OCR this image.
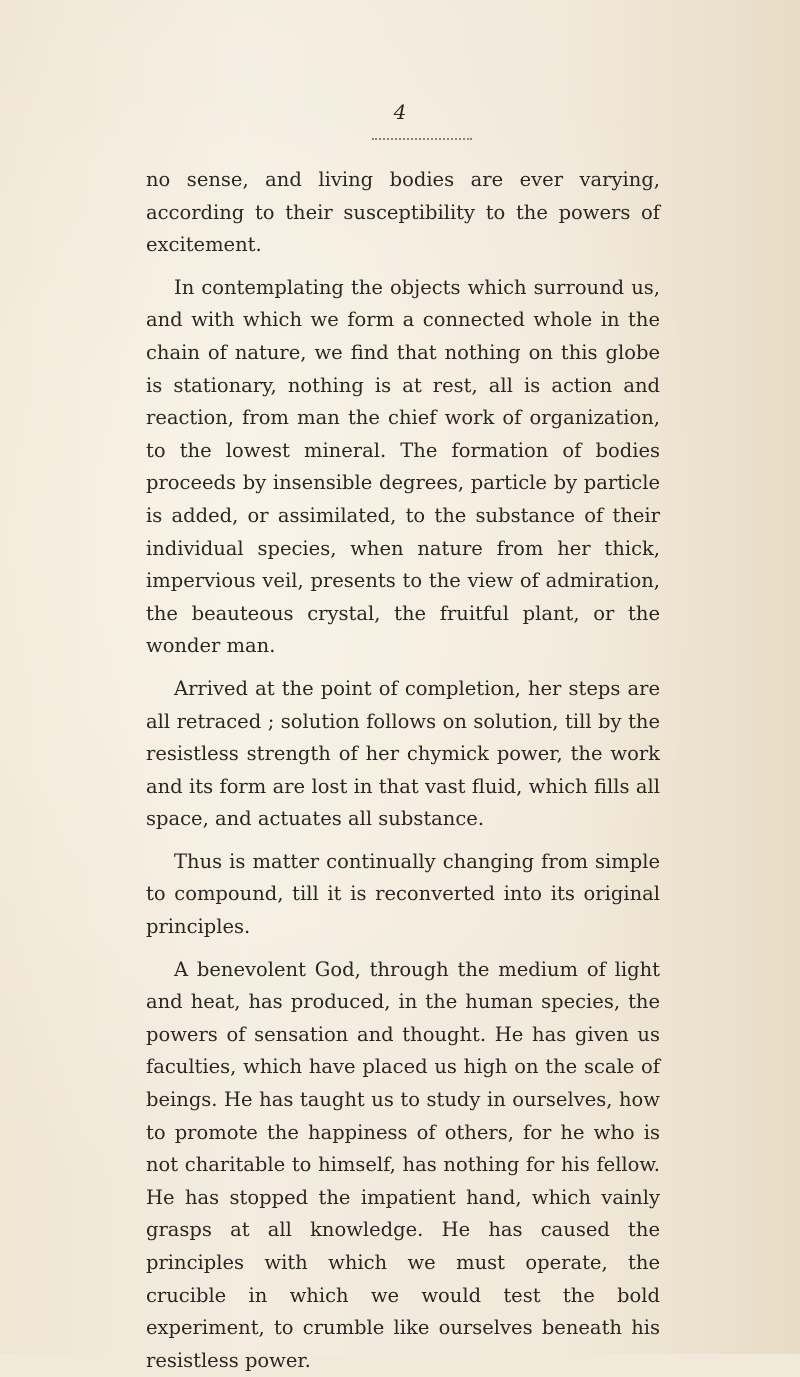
4

no sense, and living bodies are ever varying, according to their susceptibility to the powers of excitement.

In contemplating the objects which surround us, and with which we form a connected whole in the chain of nature, we find that nothing on this globe is stationary, nothing is at rest, all is action and reaction, from man the chief work of organization, to the lowest mineral. The formation of bodies proceeds by insensible degrees, particle by particle is added, or assimilated, to the substance of their individual species, when nature from her thick, impervious veil, presents to the view of admiration, the beauteous crystal, the fruitful plant, or the wonder man.

Arrived at the point of completion, her steps are all retraced ; solution follows on solution, till by the resistless strength of her chymick power, the work and its form are lost in that vast fluid, which fills all space, and actuates all substance.

Thus is matter continually changing from simple to compound, till it is reconverted into its original principles.

A benevolent God, through the medium of light and heat, has produced, in the human species, the powers of sensation and thought. He has given us faculties, which have placed us high on the scale of beings. He has taught us to study in ourselves, how to promote the happiness of others, for he who is not charitable to himself, has nothing for his fellow. He has stopped the impatient hand, which vainly grasps at all knowledge. He has caused the principles with which we must operate, the crucible in which we would test the bold experiment, to crumble like ourselves beneath his resistless power.
